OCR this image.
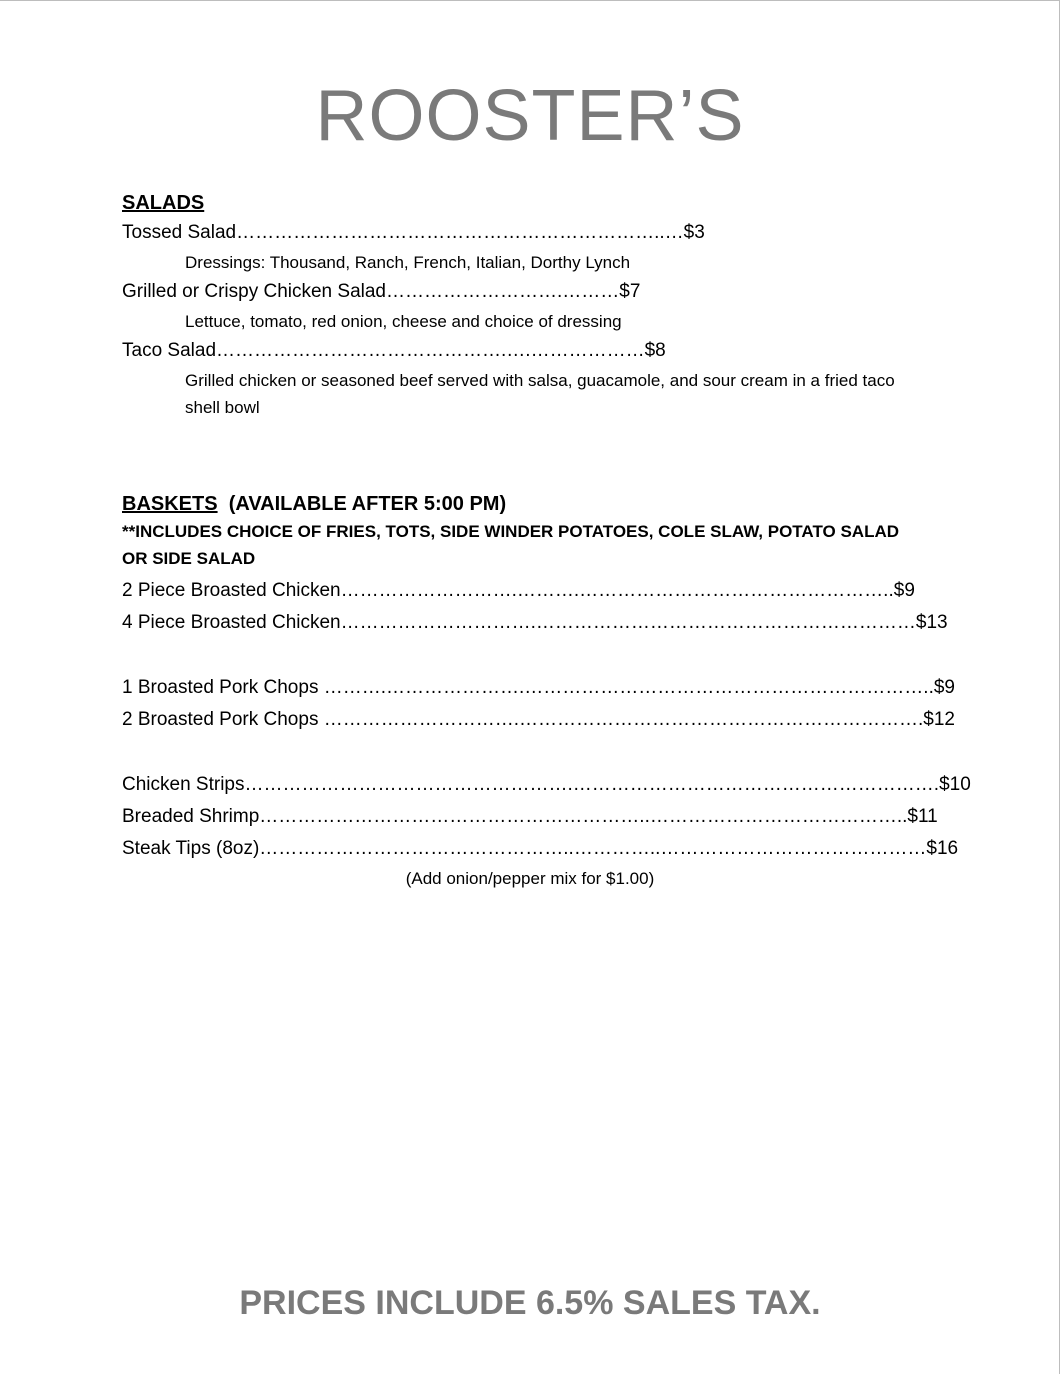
ROOSTER’S
SALADS
Tossed Salad…………………………………………………………..…$3
Dressings: Thousand, Ranch, French, Italian, Dorthy Lynch
Grilled or Crispy Chicken Salad……………………….………$7
Lettuce, tomato, red onion, cheese and choice of dressing
Taco Salad……………………………………….….………………$8
Grilled chicken or seasoned beef served with salsa, guacamole, and sour cream in a fried taco shell bowl
BASKETS (AVAILABLE AFTER 5:00 PM)
**INCLUDES CHOICE OF FRIES, TOTS, SIDE WINDER POTATOES, COLE SLAW, POTATO SALAD OR SIDE SALAD
2 Piece Broasted Chicken……………………….……….…………………………………………..$9
4 Piece Broasted Chicken………………………….……………………………………………………$13
1 Broasted Pork Chops ……….………………….………………………………………………………..$9
2 Broasted Pork Chops ………………………….……………………………………………………….$12
Chicken Strips…………………………………………….………………………………………………….$10
Breaded Shrimp……………………………………………………..…………………………………..$11
Steak Tips (8oz)…………………………………………..…………..……………………………………$16
(Add onion/pepper mix for $1.00)
PRICES INCLUDE 6.5% SALES TAX.
